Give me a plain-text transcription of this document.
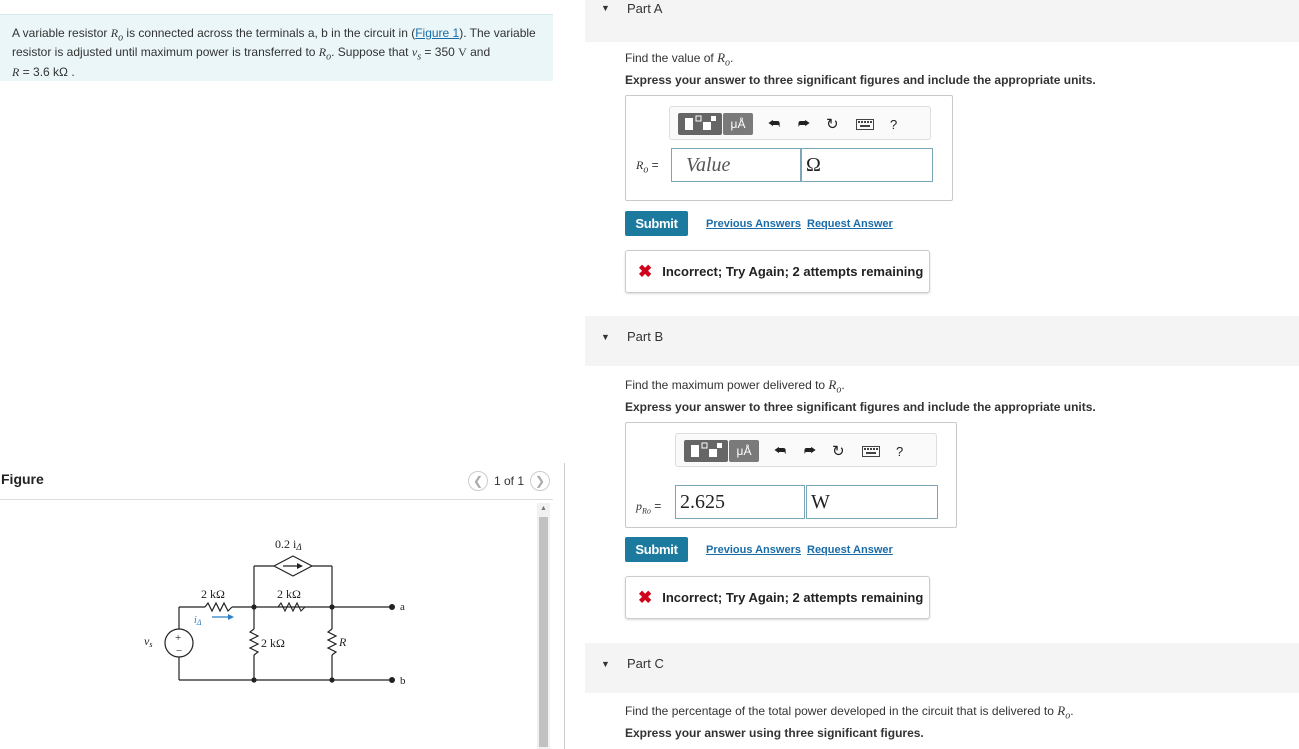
A variable resistor $R_o$ is connected across the terminals a, b in the circuit in (Figure 1). The variable resistor is adjusted until maximum power is transferred to $R_o$. Suppose that $v_s = 350$ V and
R = 3.6 kΩ .
Figure	❮ 1 of 1 ❯
0.2 iΔ
2 kΩ	2 kΩ
2 kΩ	R
$i_\Delta$
vs
+
−
a
b
▲
▼ Part A
Find the value of $R_o$.
Express your answer to three significant figures and include the appropriate units.
μÅ	⮪ ⮫ ↻	?
$R_o$ = Value	Ω
Submit	Previous Answers Request Answer
✖ Incorrect; Try Again; 2 attempts remaining
▼ Part B
Find the maximum power delivered to $R_o$.
Express your answer to three significant figures and include the appropriate units.
μÅ	⮪ ⮫ ↻	?
$p_{Ro} = 2.625$	W
Submit	Previous Answers Request Answer
✖ Incorrect; Try Again; 2 attempts remaining
▼ Part C
Find the percentage of the total power developed in the circuit that is delivered to $R_o$.
Express your answer using three significant figures.
